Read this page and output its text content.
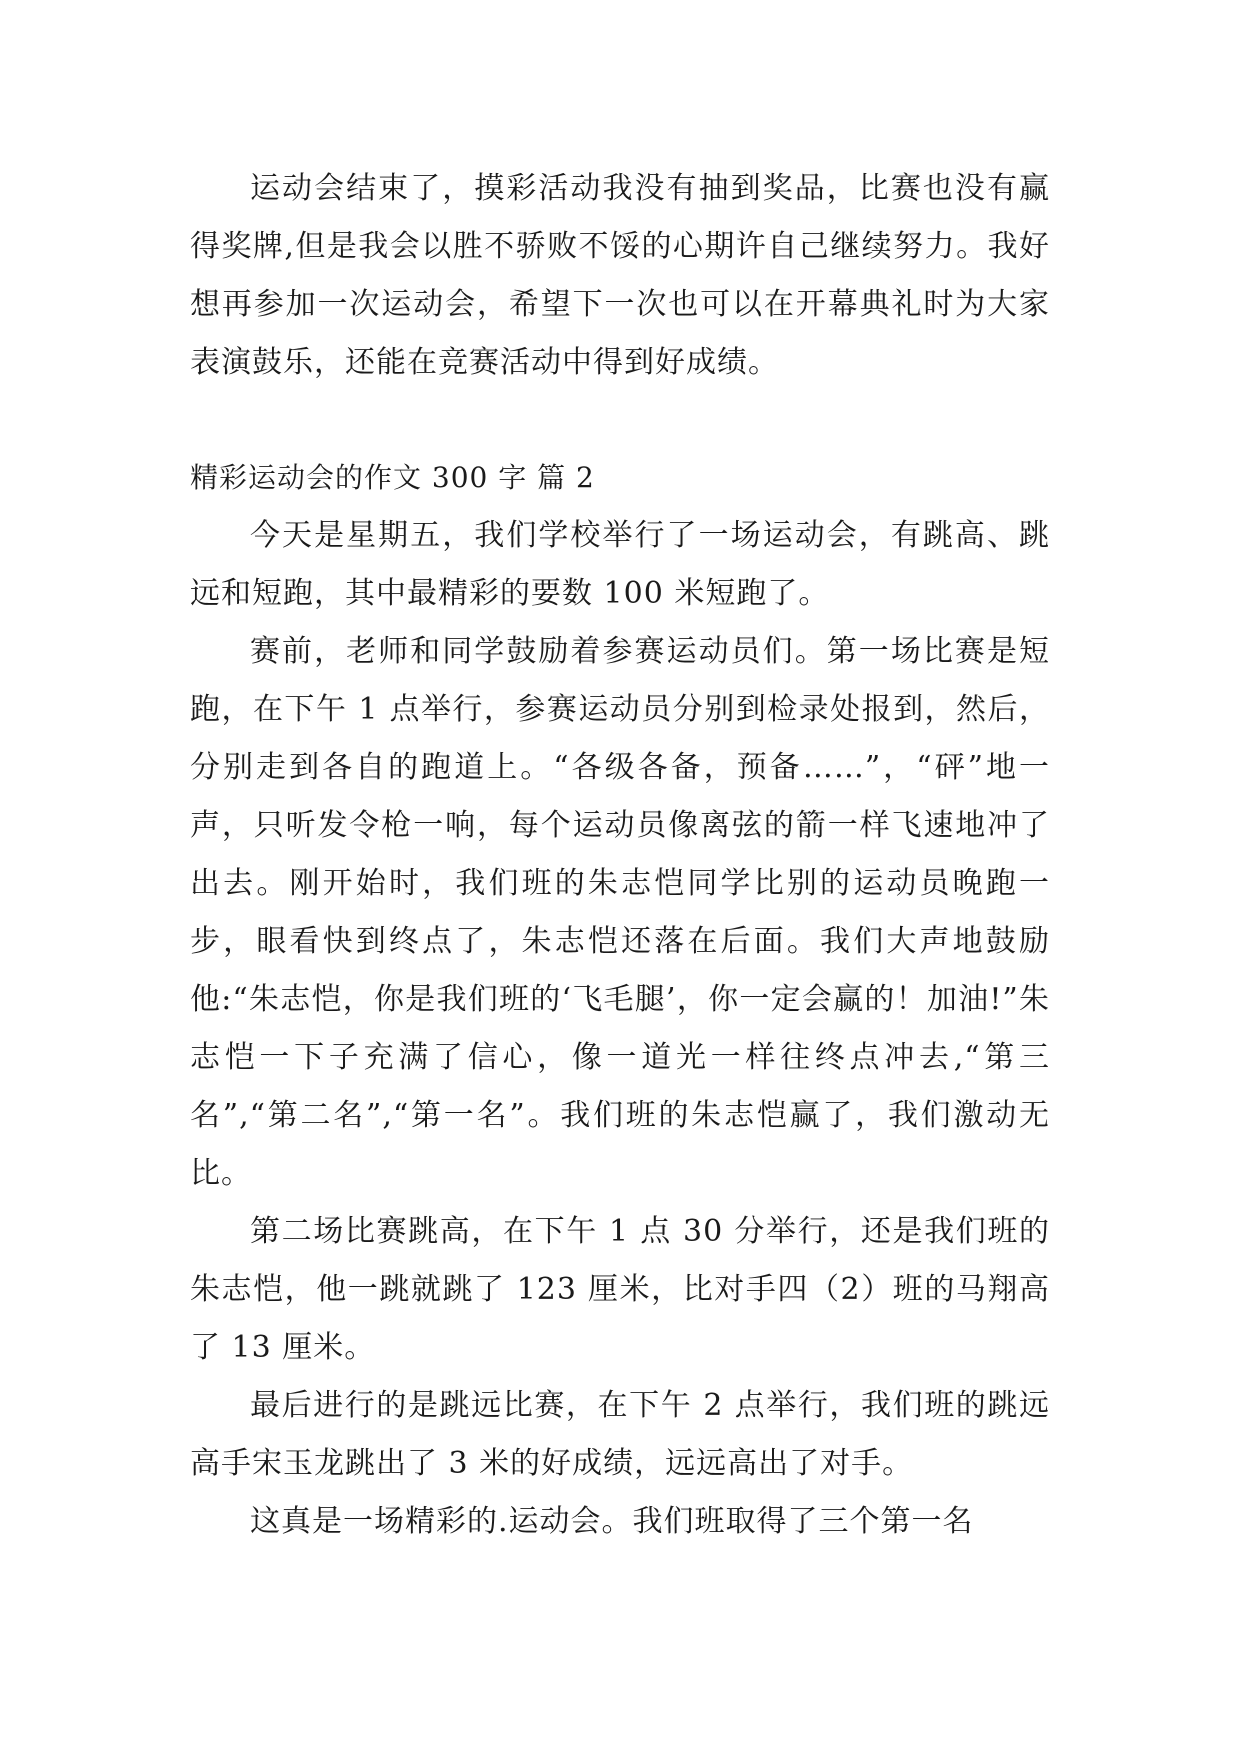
运动会结束了，摸彩活动我没有抽到奖品，比赛也没有赢得奖牌,但是我会以胜不骄败不馁的心期许自己继续努力。我好想再参加一次运动会，希望下一次也可以在开幕典礼时为大家表演鼓乐，还能在竞赛活动中得到好成绩。

精彩运动会的作文 300 字 篇 2

今天是星期五，我们学校举行了一场运动会，有跳高、跳远和短跑，其中最精彩的要数 100 米短跑了。

赛前，老师和同学鼓励着参赛运动员们。第一场比赛是短跑，在下午 1 点举行，参赛运动员分别到检录处报到，然后，分别走到各自的跑道上。“各级各备，预备……”，“砰”地一声，只听发令枪一响，每个运动员像离弦的箭一样飞速地冲了出去。刚开始时，我们班的朱志恺同学比别的运动员晚跑一步，眼看快到终点了，朱志恺还落在后面。我们大声地鼓励他:“朱志恺，你是我们班的‘飞毛腿’，你一定会赢的！加油!”朱志恺一下子充满了信心，像一道光一样往终点冲去,“第三名”,“第二名”,“第一名”。我们班的朱志恺赢了，我们激动无比。

第二场比赛跳高，在下午 1 点 30 分举行，还是我们班的朱志恺，他一跳就跳了 123 厘米，比对手四（2）班的马翔高了 13 厘米。

最后进行的是跳远比赛，在下午 2 点举行，我们班的跳远高手宋玉龙跳出了 3 米的好成绩，远远高出了对手。

这真是一场精彩的.运动会。我们班取得了三个第一名
